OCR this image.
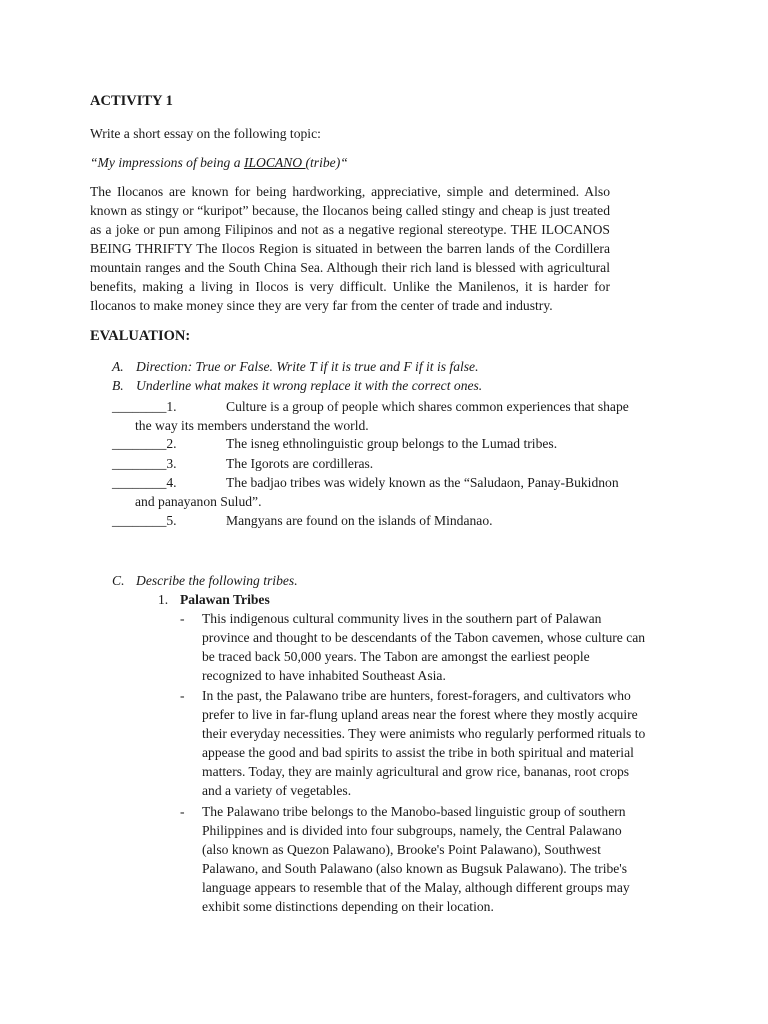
ACTIVITY 1

Write a short essay on the following topic:

“My impressions of being a ILOCANO (tribe)“

The Ilocanos are known for being hardworking, appreciative, simple and determined. Also known as stingy or “kuripot” because, the Ilocanos being called stingy and cheap is just treated as a joke or pun among Filipinos and not as a negative regional stereotype. THE ILOCANOS BEING THRIFTY The Ilocos Region is situated in between the barren lands of the Cordillera mountain ranges and the South China Sea. Although their rich land is blessed with agricultural benefits, making a living in Ilocos is very difficult. Unlike the Manilenos, it is harder for Ilocanos to make money since they are very far from the center of trade and industry.

EVALUATION:

A. Direction: True or False. Write T if it is true and F if it is false.

B. Underline what makes it wrong replace it with the correct ones.

________1.	Culture is a group of people which shares common experiences that shape
the way its members understand the world.
________2.	The isneg ethnolinguistic group belongs to the Lumad tribes.
________3.	The Igorots are cordilleras.
________4.	The badjao tribes was widely known as the “Saludaon, Panay-Bukidnon
and panayanon Sulud”.
________5.	Mangyans are found on the islands of Mindanao.

C. Describe the following tribes.

1. Palawan Tribes

- This indigenous cultural community lives in the southern part of Palawan province and thought to be descendants of the Tabon cavemen, whose culture can be traced back 50,000 years. The Tabon are amongst the earliest people recognized to have inhabited Southeast Asia.
- In the past, the Palawano tribe are hunters, forest-foragers, and cultivators who prefer to live in far-flung upland areas near the forest where they mostly acquire their everyday necessities. They were animists who regularly performed rituals to appease the good and bad spirits to assist the tribe in both spiritual and material matters. Today, they are mainly agricultural and grow rice, bananas, root crops and a variety of vegetables.
- The Palawano tribe belongs to the Manobo-based linguistic group of southern Philippines and is divided into four subgroups, namely, the Central Palawano (also known as Quezon Palawano), Brooke's Point Palawano), Southwest Palawano, and South Palawano (also known as Bugsuk Palawano). The tribe's language appears to resemble that of the Malay, although different groups may exhibit some distinctions depending on their location.
